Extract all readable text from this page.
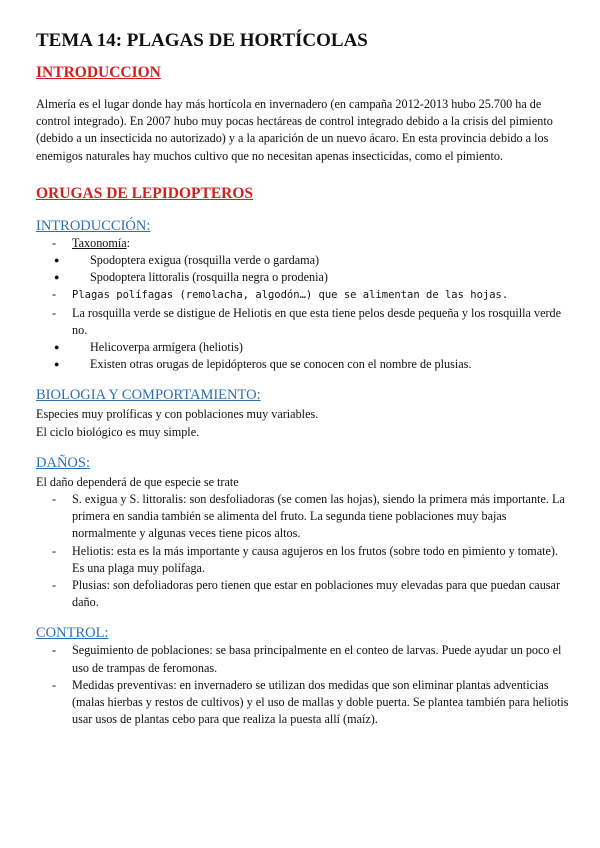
TEMA 14: PLAGAS DE HORTÍCOLAS
INTRODUCCION

Almería es el lugar donde hay más hortícola en invernadero (en campaña 2012-2013 hubo 25.700 ha de control integrado). En 2007 hubo muy pocas hectáreas de control integrado debido a la crisis del pimiento (debido a un insecticida no autorizado) y a la aparición de un nuevo ácaro. En esta provincia debido a los enemigos naturales hay muchos cultivo que no necesitan apenas insecticidas, como el pimiento.

ORUGAS DE LEPIDOPTEROS
INTRODUCCIÓN:
- Taxonomía:
● Spodoptera exigua (rosquilla verde o gardama)
● Spodoptera littoralis (rosquilla negra o prodenia)
- Plagas polífagas (remolacha, algodón…) que se alimentan de las hojas.
- La rosquilla verde se distigue de Heliotis en que esta tiene pelos desde pequeña y los rosquilla verde no.
● Helicoverpa armígera (heliotis)
● Existen otras orugas de lepidópteros que se conocen con el nombre de plusias.
BIOLOGIA Y COMPORTAMIENTO:

Especies muy prolíficas y con poblaciones muy variables.

El ciclo biológico es muy simple.

DAÑOS:

El daño dependerá de que especie se trate

- S. exigua y S. littoralis: son desfoliadoras (se comen las hojas), siendo la primera más importante. La primera en sandia también se alimenta del fruto. La segunda tiene poblaciones muy bajas normalmente y algunas veces tiene picos altos.
- Heliotis: esta es la más importante y causa agujeros en los frutos (sobre todo en pimiento y tomate). Es una plaga muy polífaga.
- Plusias: son defoliadoras pero tienen que estar en poblaciones muy elevadas para que puedan causar daño.
CONTROL:
- Seguimiento de poblaciones: se basa principalmente en el conteo de larvas. Puede ayudar un poco el uso de trampas de feromonas.
- Medidas preventivas: en invernadero se utilizan dos medidas que son eliminar plantas adventicias (malas hierbas y restos de cultivos) y el uso de mallas y doble puerta. Se plantea también para heliotis usar usos de plantas cebo para que realiza la puesta allí (maíz).
